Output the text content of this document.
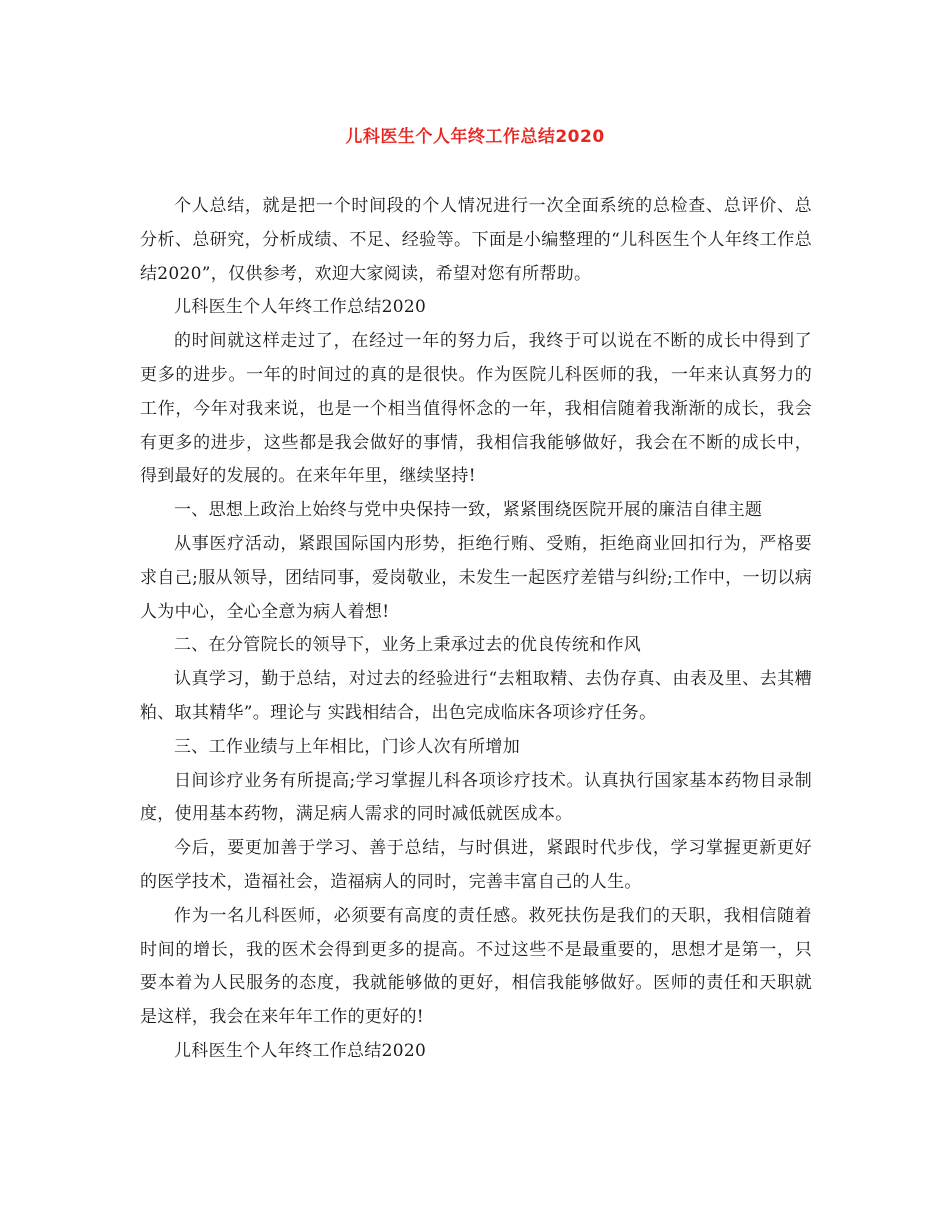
儿科医生个人年终工作总结2020

个人总结，就是把一个时间段的个人情况进行一次全面系统的总检查、总评价、总分析、总研究，分析成绩、不足、经验等。下面是小编整理的“儿科医生个人年终工作总结2020”，仅供参考，欢迎大家阅读，希望对您有所帮助。

儿科医生个人年终工作总结2020

的时间就这样走过了，在经过一年的努力后，我终于可以说在不断的成长中得到了更多的进步。一年的时间过的真的是很快。作为医院儿科医师的我，一年来认真努力的工作，今年对我来说，也是一个相当值得怀念的一年，我相信随着我渐渐的成长，我会有更多的进步，这些都是我会做好的事情，我相信我能够做好，我会在不断的成长中，得到最好的发展的。在来年年里，继续坚持!

一、思想上政治上始终与党中央保持一致，紧紧围绕医院开展的廉洁自律主题

从事医疗活动，紧跟国际国内形势，拒绝行贿、受贿，拒绝商业回扣行为，严格要求自己;服从领导，团结同事，爱岗敬业，未发生一起医疗差错与纠纷;工作中，一切以病人为中心，全心全意为病人着想!

二、在分管院长的领导下，业务上秉承过去的优良传统和作风

认真学习，勤于总结，对过去的经验进行“去粗取精、去伪存真、由表及里、去其糟粕、取其精华”。理论与 实践相结合，出色完成临床各项诊疗任务。

三、工作业绩与上年相比，门诊人次有所增加

日间诊疗业务有所提高;学习掌握儿科各项诊疗技术。认真执行国家基本药物目录制度，使用基本药物，满足病人需求的同时减低就医成本。

今后，要更加善于学习、善于总结，与时俱进，紧跟时代步伐，学习掌握更新更好的医学技术，造福社会，造福病人的同时，完善丰富自己的人生。

作为一名儿科医师，必须要有高度的责任感。救死扶伤是我们的天职，我相信随着时间的增长，我的医术会得到更多的提高。不过这些不是最重要的，思想才是第一，只要本着为人民服务的态度，我就能够做的更好，相信我能够做好。医师的责任和天职就是这样，我会在来年年工作的更好的!

儿科医生个人年终工作总结2020
